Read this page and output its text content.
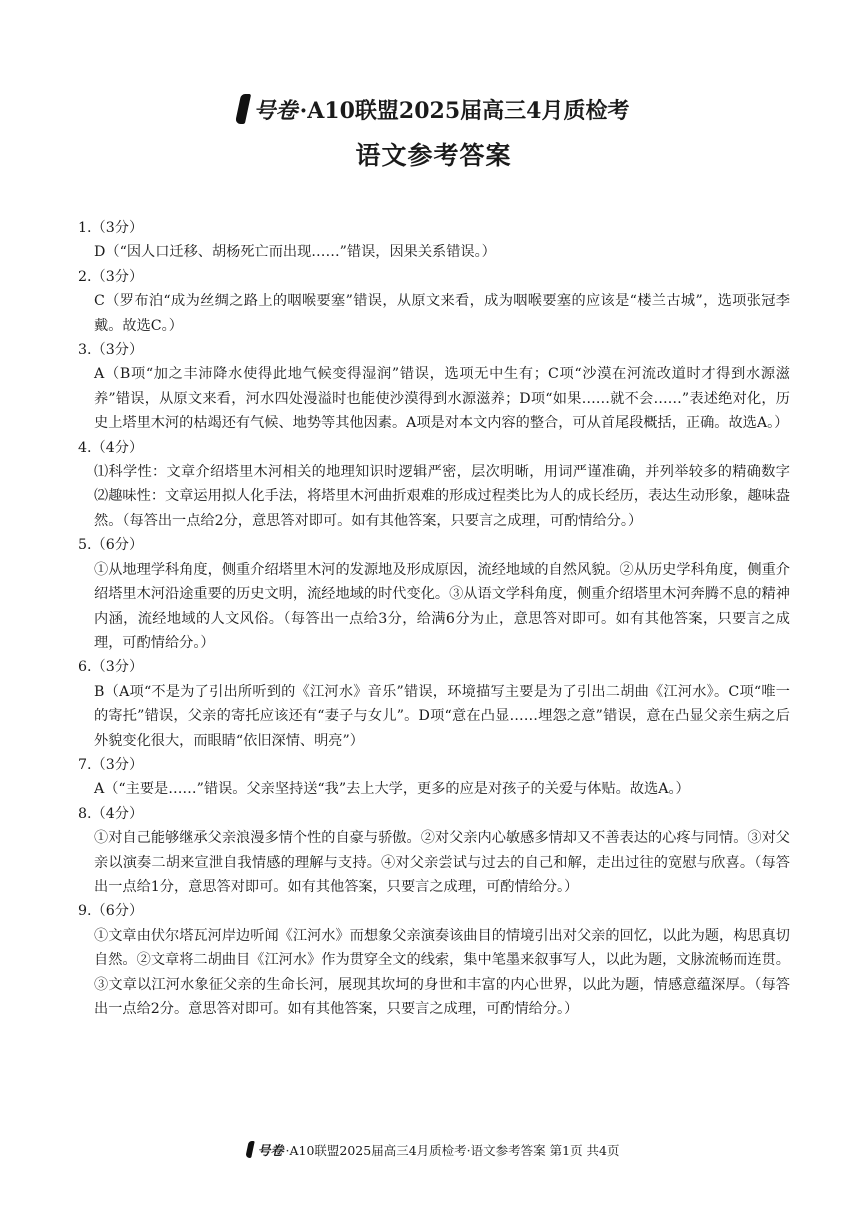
号卷 ·A10联盟2025届高三4月质检考
语文参考答案

1.（3分）

D（“因人口迁移、胡杨死亡而出现……”错误，因果关系错误。）

2.（3分）

C（罗布泊“成为丝绸之路上的咽喉要塞”错误，从原文来看，成为咽喉要塞的应该是“楼兰古城”，选项张冠李戴。故选C。）

3.（3分）

A（B项“加之丰沛降水使得此地气候变得湿润”错误，选项无中生有；C项“沙漠在河流改道时才得到水源滋养”错误，从原文来看，河水四处漫溢时也能使沙漠得到水源滋养；D项“如果……就不会……”表述绝对化，历史上塔里木河的枯竭还有气候、地势等其他因素。A项是对本文内容的整合，可从首尾段概括，正确。故选A。）

4.（4分）

⑴科学性：文章介绍塔里木河相关的地理知识时逻辑严密，层次明晰，用词严谨准确，并列举较多的精确数字 ⑵趣味性：文章运用拟人化手法，将塔里木河曲折艰难的形成过程类比为人的成长经历，表达生动形象，趣味盎然。（每答出一点给2分，意思答对即可。如有其他答案，只要言之成理，可酌情给分。）

5.（6分）

①从地理学科角度，侧重介绍塔里木河的发源地及形成原因，流经地域的自然风貌。②从历史学科角度，侧重介绍塔里木河沿途重要的历史文明，流经地域的时代变化。③从语文学科角度，侧重介绍塔里木河奔腾不息的精神内涵，流经地域的人文风俗。（每答出一点给3分，给满6分为止，意思答对即可。如有其他答案，只要言之成理，可酌情给分。）

6.（3分）

B（A项“不是为了引出所听到的《江河水》音乐”错误，环境描写主要是为了引出二胡曲《江河水》。C项“唯一的寄托”错误，父亲的寄托应该还有“妻子与女儿”。D项“意在凸显……埋怨之意”错误，意在凸显父亲生病之后外貌变化很大，而眼睛“依旧深情、明亮”）

7.（3分）

A（“主要是……”错误。父亲坚持送“我”去上大学，更多的应是对孩子的关爱与体贴。故选A。）

8.（4分）

①对自己能够继承父亲浪漫多情个性的自豪与骄傲。②对父亲内心敏感多情却又不善表达的心疼与同情。③对父亲以演奏二胡来宣泄自我情感的理解与支持。④对父亲尝试与过去的自己和解，走出过往的宽慰与欣喜。（每答出一点给1分，意思答对即可。如有其他答案，只要言之成理，可酌情给分。）

9.（6分）

①文章由伏尔塔瓦河岸边听闻《江河水》而想象父亲演奏该曲目的情境引出对父亲的回忆，以此为题，构思真切自然。②文章将二胡曲目《江河水》作为贯穿全文的线索，集中笔墨来叙事写人，以此为题，文脉流畅而连贯。③文章以江河水象征父亲的生命长河，展现其坎坷的身世和丰富的内心世界，以此为题，情感意蕴深厚。（每答出一点给2分。意思答对即可。如有其他答案，只要言之成理，可酌情给分。）

号卷 ·A10联盟2025届高三4月质检考·语文参考答案 第1页 共4页
